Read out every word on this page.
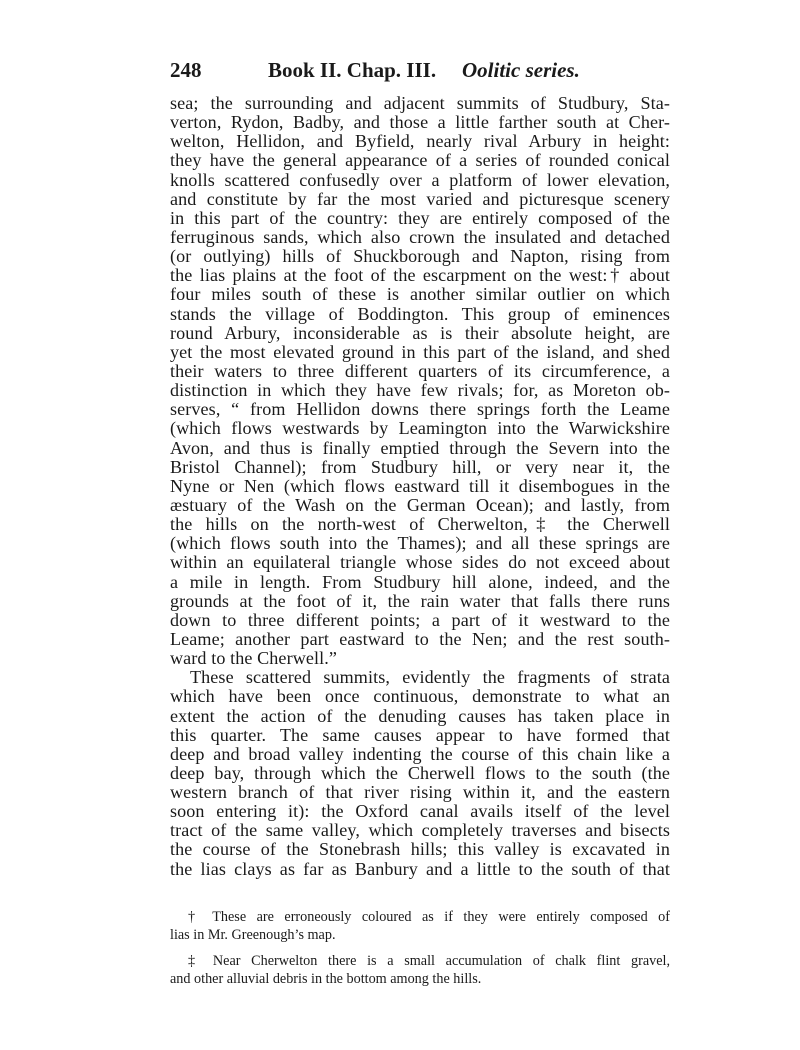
248	Book II. Chap. III. Oolitic series.
sea; the surrounding and adjacent summits of Studbury, Sta-
verton, Rydon, Badby, and those a little farther south at Cher-
welton, Hellidon, and Byfield, nearly rival Arbury in height:
they have the general appearance of a series of rounded conical
knolls scattered confusedly over a platform of lower elevation,
and constitute by far the most varied and picturesque scenery
in this part of the country: they are entirely composed of the
ferruginous sands, which also crown the insulated and detached
(or outlying) hills of Shuckborough and Napton, rising from
the lias plains at the foot of the escarpment on the west:† about
four miles south of these is another similar outlier on which
stands the village of Boddington. This group of eminences
round Arbury, inconsiderable as is their absolute height, are
yet the most elevated ground in this part of the island, and shed
their waters to three different quarters of its circumference, a
distinction in which they have few rivals; for, as Moreton ob-
serves, “ from Hellidon downs there springs forth the Leame
(which flows westwards by Leamington into the Warwickshire
Avon, and thus is finally emptied through the Severn into the
Bristol Channel); from Studbury hill, or very near it, the
Nyne or Nen (which flows eastward till it disembogues in the
æstuary of the Wash on the German Ocean); and lastly, from
the hills on the north-west of Cherwelton,‡ the Cherwell
(which flows south into the Thames); and all these springs are
within an equilateral triangle whose sides do not exceed about
a mile in length. From Studbury hill alone, indeed, and the
grounds at the foot of it, the rain water that falls there runs
down to three different points; a part of it westward to the
Leame; another part eastward to the Nen; and the rest south-
ward to the Cherwell.”
These scattered summits, evidently the fragments of strata
which have been once continuous, demonstrate to what an
extent the action of the denuding causes has taken place in
this quarter. The same causes appear to have formed that
deep and broad valley indenting the course of this chain like a
deep bay, through which the Cherwell flows to the south (the
western branch of that river rising within it, and the eastern
soon entering it): the Oxford canal avails itself of the level
tract of the same valley, which completely traverses and bisects
the course of the Stonebrash hills; this valley is excavated in
the lias clays as far as Banbury and a little to the south of that
† These are erroneously coloured as if they were entirely composed of
lias in Mr. Greenough’s map.
‡ Near Cherwelton there is a small accumulation of chalk flint gravel,
and other alluvial debris in the bottom among the hills.
